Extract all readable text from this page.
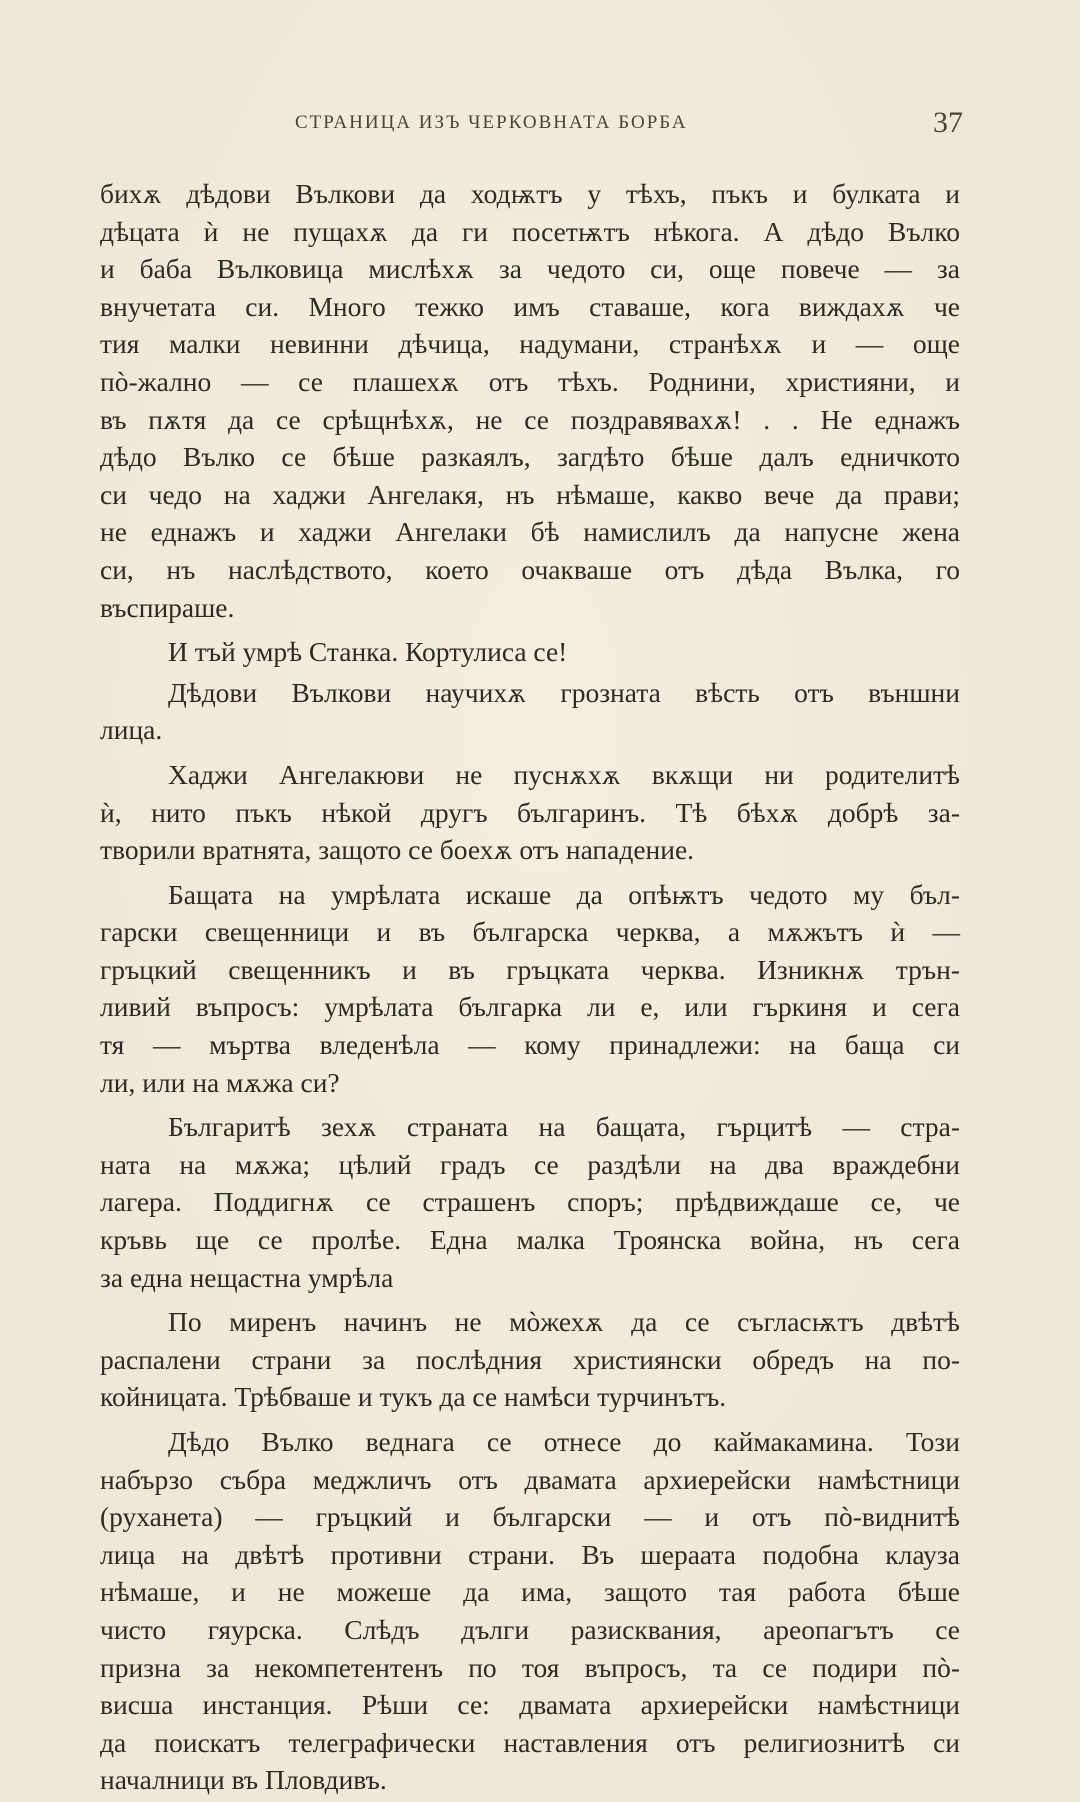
СТРАНИЦА ИЗЪ ЧЕРКОВНАТА БОРБА	37
бихѫ дѣдови Вълкови да ходѭтъ у тѣхъ, пъкъ и булката и
дѣцата ѝ не пущахѫ да ги посетѭтъ нѣкога. А дѣдо Вълко
и баба Вълковица мислѣхѫ за чедото си, още повече — за
внучетата си. Много тежко имъ ставаше, кога виждахѫ че
тия малки невинни дѣчица, надумани, странѣхѫ и — още
пò-жално — се плашехѫ отъ тѣхъ. Роднини, християни, и
въ пѫтя да се срѣщнѣхѫ, не се поздравявахѫ! . . Не еднажъ
дѣдо Вълко се бѣше разкаялъ, загдѣто бѣше далъ едничкото
си чедо на хаджи Ангелакя, нъ нѣмаше, какво вече да прави;
не еднажъ и хаджи Ангелаки бѣ намислилъ да напусне жена
си, нъ наслѣдството, което очакваше отъ дѣда Вълка, го
въспираше.
И тъй умрѣ Станка. Кортулиса се!
Дѣдови Вълкови научихѫ грозната вѣсть отъ външни
лица.
Хаджи Ангелакюви не пуснѫхѫ вкѫщи ни родителитѣ
ѝ, нито пъкъ нѣкой другъ българинъ. Тѣ бѣхѫ добрѣ за-
творили вратнята, защото се боехѫ отъ нападение.
Бащата на умрѣлата искаше да опѣѭтъ чедото му бъл-
гарски свещенници и въ българска черква, а мѫжътъ ѝ —
гръцкий свещенникъ и въ гръцката черква. Изникнѫ трън-
ливий въпросъ: умрѣлата българка ли е, или гъркиня и сега
тя — мъртва вледенѣла — кому принадлежи: на баща си
ли, или на мѫжа си?
Българитѣ зехѫ страната на бащата, гърцитѣ — стра-
ната на мѫжа; цѣлий градъ се раздѣли на два враждебни
лагера. Поддигнѫ се страшенъ споръ; прѣдвиждаше се, че
кръвь ще се пролѣе. Една малка Троянска война, нъ сега
за една нещастна умрѣла
По миренъ начинъ не мòжехѫ да се съгласѭтъ двѣтѣ
распалени страни за послѣдния християнски обредъ на по-
койницата. Трѣбваше и тукъ да се намѣси турчинътъ.
Дѣдо Вълко веднага се отнесе до каймакамина. Този
набързо събра меджличъ отъ двамата архиерейски намѣстници
(руханета) — гръцкий и български — и отъ пò-виднитѣ
лица на двѣтѣ противни страни. Въ шераата подобна клауза
нѣмаше, и не можеше да има, защото тая работа бѣше
чисто гяурска. Слѣдъ дълги разисквания, ареопагътъ се
призна за некомпетентенъ по тоя въпросъ, та се подири пò-
висша инстанция. Рѣши се: двамата архиерейски намѣстници
да поискатъ телеграфически наставления отъ религиознитѣ си
началници въ Пловдивъ.
